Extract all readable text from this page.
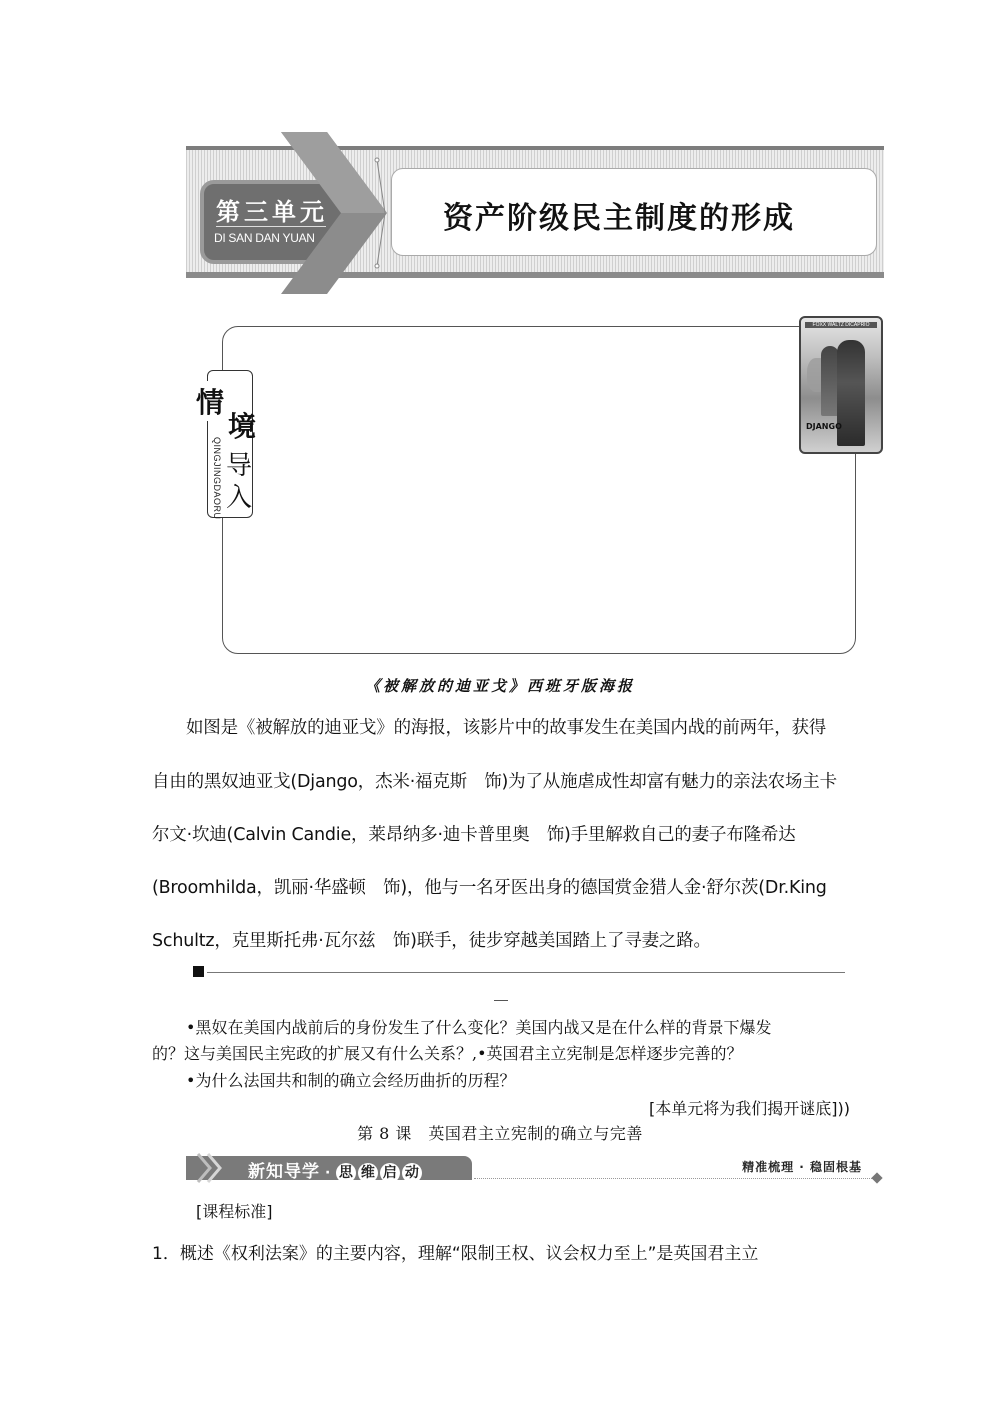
第三单元
DI SAN DAN YUAN
资产阶级民主制度的形成
情
境
导
入
QINGJINGDAORU
FOXX WALTZ DICAPRIO
DJANGO
《被解放的迪亚戈》西班牙版海报
如图是《被解放的迪亚戈》的海报，该影片中的故事发生在美国内战的前两年，获得
自由的黑奴迪亚戈(Django，杰米·福克斯　饰)为了从施虐成性却富有魅力的亲法农场主卡
尔文·坎迪(Calvin Candie，莱昂纳多·迪卡普里奥　饰)手里解救自己的妻子布隆希达
(Broomhilda，凯丽·华盛顿　饰)，他与一名牙医出身的德国赏金猎人金·舒尔茨(Dr.King
Schultz，克里斯托弗·瓦尔兹　饰)联手，徒步穿越美国踏上了寻妻之路。
•黑奴在美国内战前后的身份发生了什么变化？美国内战又是在什么样的背景下爆发
的？这与美国民主宪政的扩展又有什么关系？,•英国君主立宪制是怎样逐步完善的？
•为什么法国共和制的确立会经历曲折的历程？
[本单元将为我们揭开谜底]))
第 8 课　英国君主立宪制的确立与完善
新知导学 · 思 维 启 动	精准梳理 · 稳固根基
[课程标准]
1．概述《权利法案》的主要内容，理解“限制王权、议会权力至上”是英国君主立
